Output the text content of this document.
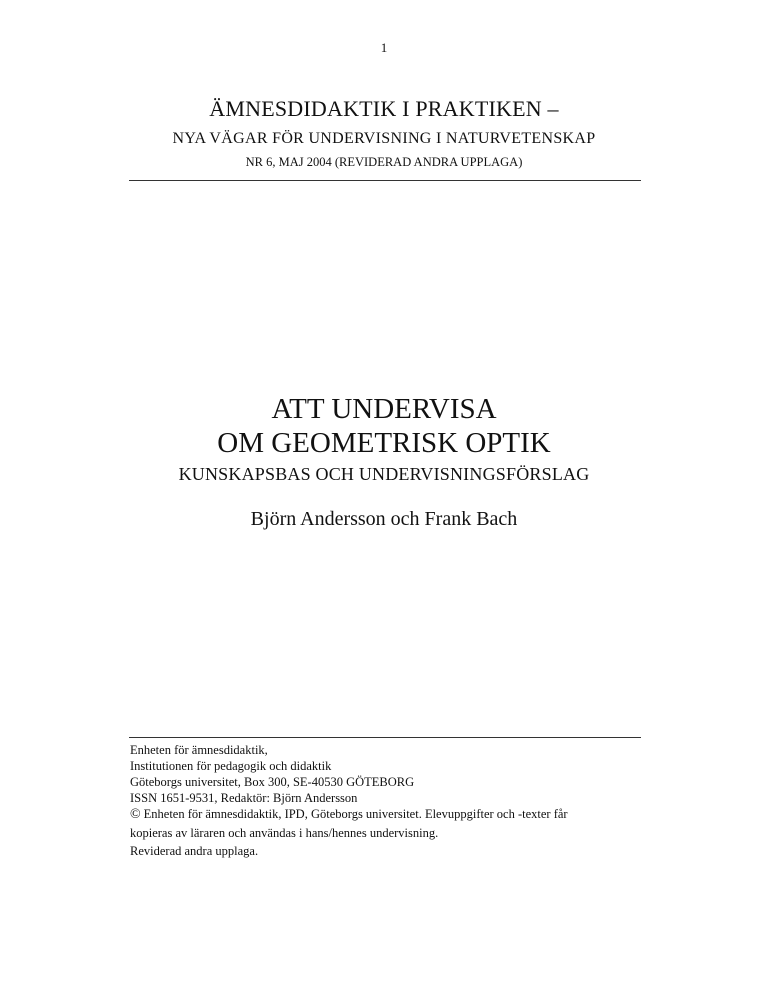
1
ÄMNESDIDAKTIK I PRAKTIKEN –
NYA VÄGAR FÖR UNDERVISNING I NATURVETENSKAP
NR 6, MAJ 2004 (REVIDERAD ANDRA UPPLAGA)
ATT UNDERVISA
OM GEOMETRISK OPTIK
KUNSKAPSBAS OCH UNDERVISNINGSFÖRSLAG
Björn Andersson och Frank Bach
Enheten för ämnesdidaktik,
Institutionen för pedagogik och didaktik
Göteborgs universitet, Box 300, SE-40530 GÖTEBORG
ISSN 1651-9531, Redaktör: Björn Andersson
© Enheten för ämnesdidaktik, IPD, Göteborgs universitet. Elevuppgifter och -texter får
kopieras av läraren och användas i hans/hennes undervisning.
Reviderad andra upplaga.
